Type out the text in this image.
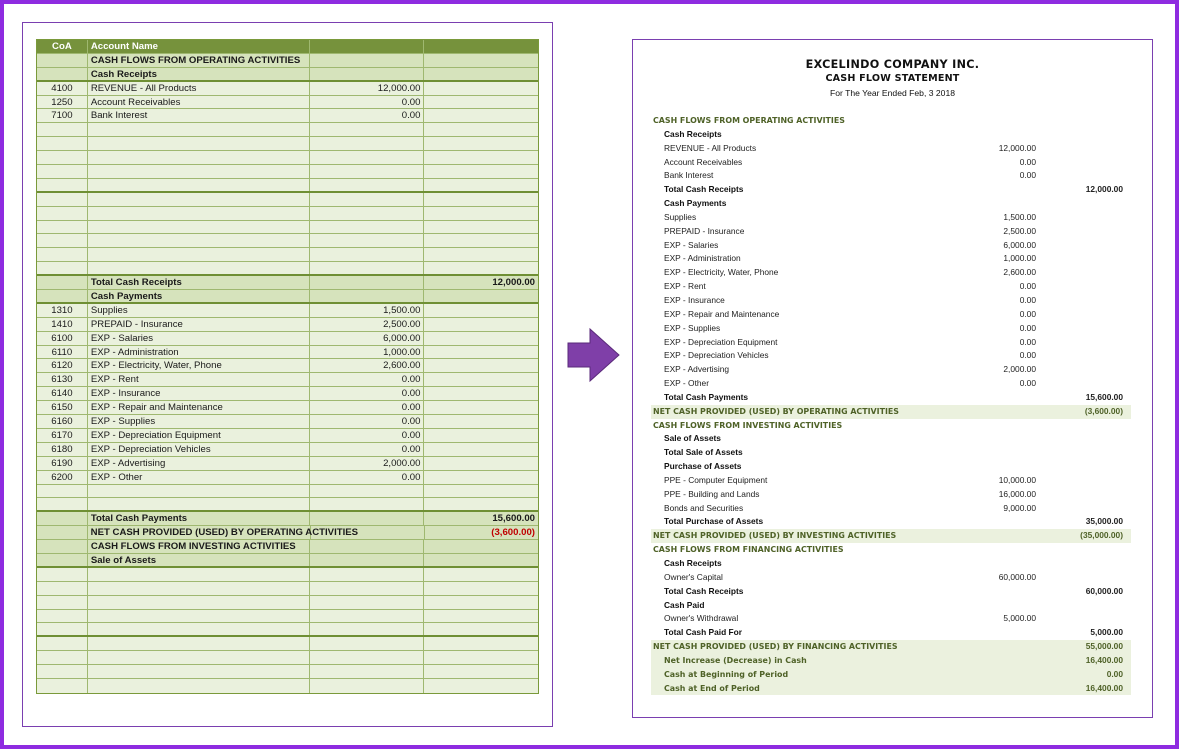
CoA	Account Name
CASH FLOWS FROM OPERATING ACTIVITIES
Cash Receipts
4100	REVENUE - All Products	12,000.00
1250	Account Receivables	0.00
7100	Bank Interest	0.00
Total Cash Receipts	12,000.00
Cash Payments
1310	Supplies	1,500.00
1410	PREPAID - Insurance	2,500.00
6100	EXP - Salaries	6,000.00
6110	EXP - Administration	1,000.00
6120	EXP - Electricity, Water, Phone	2,600.00
6130	EXP - Rent	0.00
6140	EXP - Insurance	0.00
6150	EXP - Repair and Maintenance	0.00
6160	EXP - Supplies	0.00
6170	EXP - Depreciation Equipment	0.00
6180	EXP - Depreciation Vehicles	0.00
6190	EXP - Advertising	2,000.00
6200	EXP - Other	0.00
Total Cash Payments	15,600.00
NET CASH PROVIDED (USED) BY OPERATING ACTIVITIES	(3,600.00)
CASH FLOWS FROM INVESTING ACTIVITIES
Sale of Assets
EXCELINDO COMPANY INC.
CASH FLOW STATEMENT
For The Year Ended Feb, 3 2018
CASH FLOWS FROM OPERATING ACTIVITIES
Cash Receipts
REVENUE - All Products	12,000.00
Account Receivables	0.00
Bank Interest	0.00
Total Cash Receipts	12,000.00
Cash Payments
Supplies	1,500.00
PREPAID - Insurance	2,500.00
EXP - Salaries	6,000.00
EXP - Administration	1,000.00
EXP - Electricity, Water, Phone	2,600.00
EXP - Rent	0.00
EXP - Insurance	0.00
EXP - Repair and Maintenance	0.00
EXP - Supplies	0.00
EXP - Depreciation Equipment	0.00
EXP - Depreciation Vehicles	0.00
EXP - Advertising	2,000.00
EXP - Other	0.00
Total Cash Payments	15,600.00
NET CASH PROVIDED (USED) BY OPERATING ACTIVITIES	(3,600.00)
CASH FLOWS FROM INVESTING ACTIVITIES
Sale of Assets
Total Sale of Assets
Purchase of Assets
PPE - Computer Equipment	10,000.00
PPE - Building and Lands	16,000.00
Bonds and Securities	9,000.00
Total Purchase of Assets	35,000.00
NET CASH PROVIDED (USED) BY INVESTING ACTIVITIES	(35,000.00)
CASH FLOWS FROM FINANCING ACTIVITIES
Cash Receipts
Owner's Capital	60,000.00
Total Cash Receipts	60,000.00
Cash Paid
Owner's Withdrawal	5,000.00
Total Cash Paid For	5,000.00
NET CASH PROVIDED (USED) BY FINANCING ACTIVITIES	55,000.00
Net Increase (Decrease) in Cash	16,400.00
Cash at Beginning of Period	0.00
Cash at End of Period	16,400.00
